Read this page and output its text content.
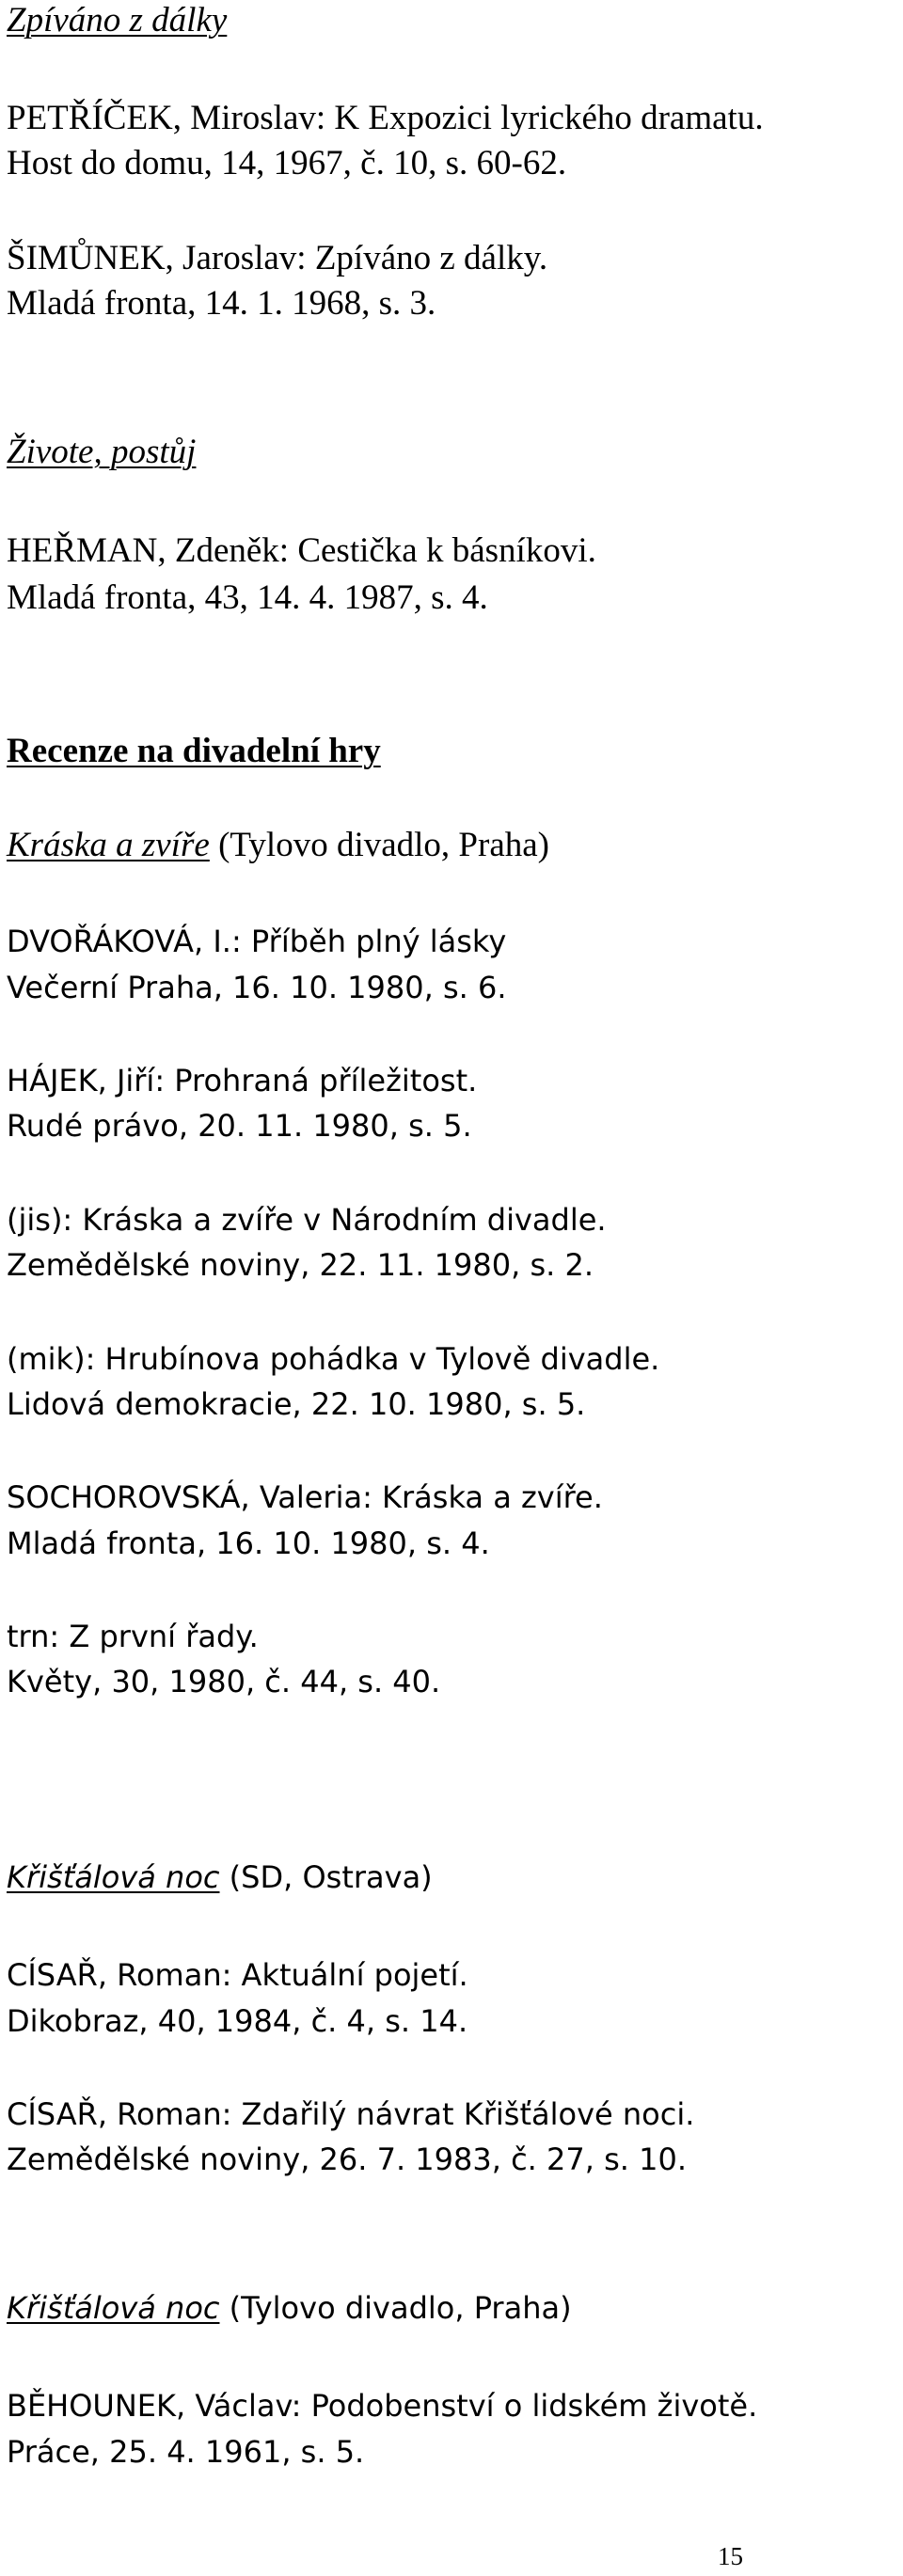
Zpíváno z dálky
PETŘÍČEK, Miroslav: K Expozici lyrického dramatu.
Host do domu, 14, 1967, č. 10, s. 60-62.
ŠIMŮNEK, Jaroslav: Zpíváno z dálky.
Mladá fronta, 14. 1. 1968, s. 3.
Živote, postůj
HEŘMAN, Zdeněk: Cestička k básníkovi.
Mladá fronta, 43, 14. 4. 1987, s. 4.
Recenze na divadelní hry
Kráska a zvíře (Tylovo divadlo, Praha)
DVOŘÁKOVÁ, I.: Příběh plný lásky
Večerní Praha, 16. 10. 1980, s. 6.
HÁJEK, Jiří: Prohraná příležitost.
Rudé právo, 20. 11. 1980, s. 5.
(jis): Kráska a zvíře v Národním divadle.
Zemědělské noviny, 22. 11. 1980, s. 2.
(mik): Hrubínova pohádka v Tylově divadle.
Lidová demokracie, 22. 10. 1980, s. 5.
SOCHOROVSKÁ, Valeria: Kráska a zvíře.
Mladá fronta, 16. 10. 1980, s. 4.
trn: Z první řady.
Květy, 30, 1980, č. 44, s. 40.
Křišťálová noc (SD, Ostrava)
CÍSAŘ, Roman: Aktuální pojetí.
Dikobraz, 40, 1984, č. 4, s. 14.
CÍSAŘ, Roman: Zdařilý návrat Křišťálové noci.
Zemědělské noviny, 26. 7. 1983, č. 27, s. 10.
Křišťálová noc (Tylovo divadlo, Praha)
BĚHOUNEK, Václav: Podobenství o lidském životě.
Práce, 25. 4. 1961, s. 5.
15
